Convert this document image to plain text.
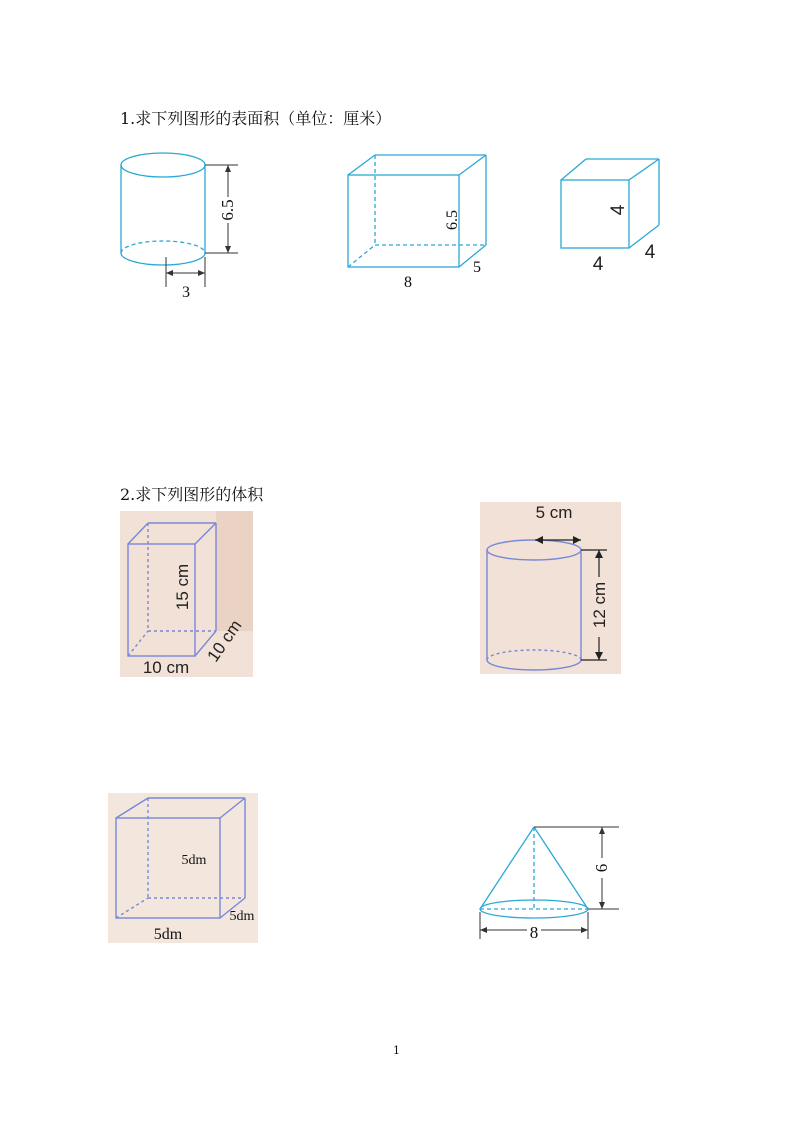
1.求下列图形的表面积（单位：厘米）
6.5
3
6.5
5
8
4
4
4
2.求下列图形的体积
15 cm
10 cm
10 cm
5 cm
12 cm
5dm
5dm
5dm
6
8
1
